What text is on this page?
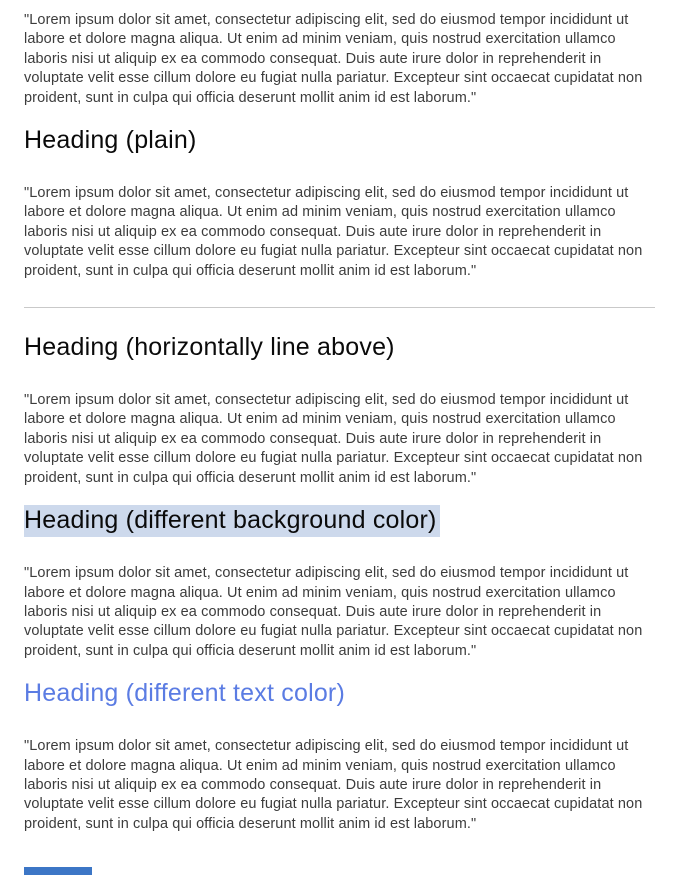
"Lorem ipsum dolor sit amet, consectetur adipiscing elit, sed do eiusmod tempor incididunt ut labore et dolore magna aliqua. Ut enim ad minim veniam, quis nostrud exercitation ullamco laboris nisi ut aliquip ex ea commodo consequat. Duis aute irure dolor in reprehenderit in voluptate velit esse cillum dolore eu fugiat nulla pariatur. Excepteur sint occaecat cupidatat non proident, sunt in culpa qui officia deserunt mollit anim id est laborum."

Heading (plain)

"Lorem ipsum dolor sit amet, consectetur adipiscing elit, sed do eiusmod tempor incididunt ut labore et dolore magna aliqua. Ut enim ad minim veniam, quis nostrud exercitation ullamco laboris nisi ut aliquip ex ea commodo consequat. Duis aute irure dolor in reprehenderit in voluptate velit esse cillum dolore eu fugiat nulla pariatur. Excepteur sint occaecat cupidatat non proident, sunt in culpa qui officia deserunt mollit anim id est laborum."

Heading (horizontally line above)

"Lorem ipsum dolor sit amet, consectetur adipiscing elit, sed do eiusmod tempor incididunt ut labore et dolore magna aliqua. Ut enim ad minim veniam, quis nostrud exercitation ullamco laboris nisi ut aliquip ex ea commodo consequat. Duis aute irure dolor in reprehenderit in voluptate velit esse cillum dolore eu fugiat nulla pariatur. Excepteur sint occaecat cupidatat non proident, sunt in culpa qui officia deserunt mollit anim id est laborum."

Heading (different background color)

"Lorem ipsum dolor sit amet, consectetur adipiscing elit, sed do eiusmod tempor incididunt ut labore et dolore magna aliqua. Ut enim ad minim veniam, quis nostrud exercitation ullamco laboris nisi ut aliquip ex ea commodo consequat. Duis aute irure dolor in reprehenderit in voluptate velit esse cillum dolore eu fugiat nulla pariatur. Excepteur sint occaecat cupidatat non proident, sunt in culpa qui officia deserunt mollit anim id est laborum."

Heading (different text color)

"Lorem ipsum dolor sit amet, consectetur adipiscing elit, sed do eiusmod tempor incididunt ut labore et dolore magna aliqua. Ut enim ad minim veniam, quis nostrud exercitation ullamco laboris nisi ut aliquip ex ea commodo consequat. Duis aute irure dolor in reprehenderit in voluptate velit esse cillum dolore eu fugiat nulla pariatur. Excepteur sint occaecat cupidatat non proident, sunt in culpa qui officia deserunt mollit anim id est laborum."
